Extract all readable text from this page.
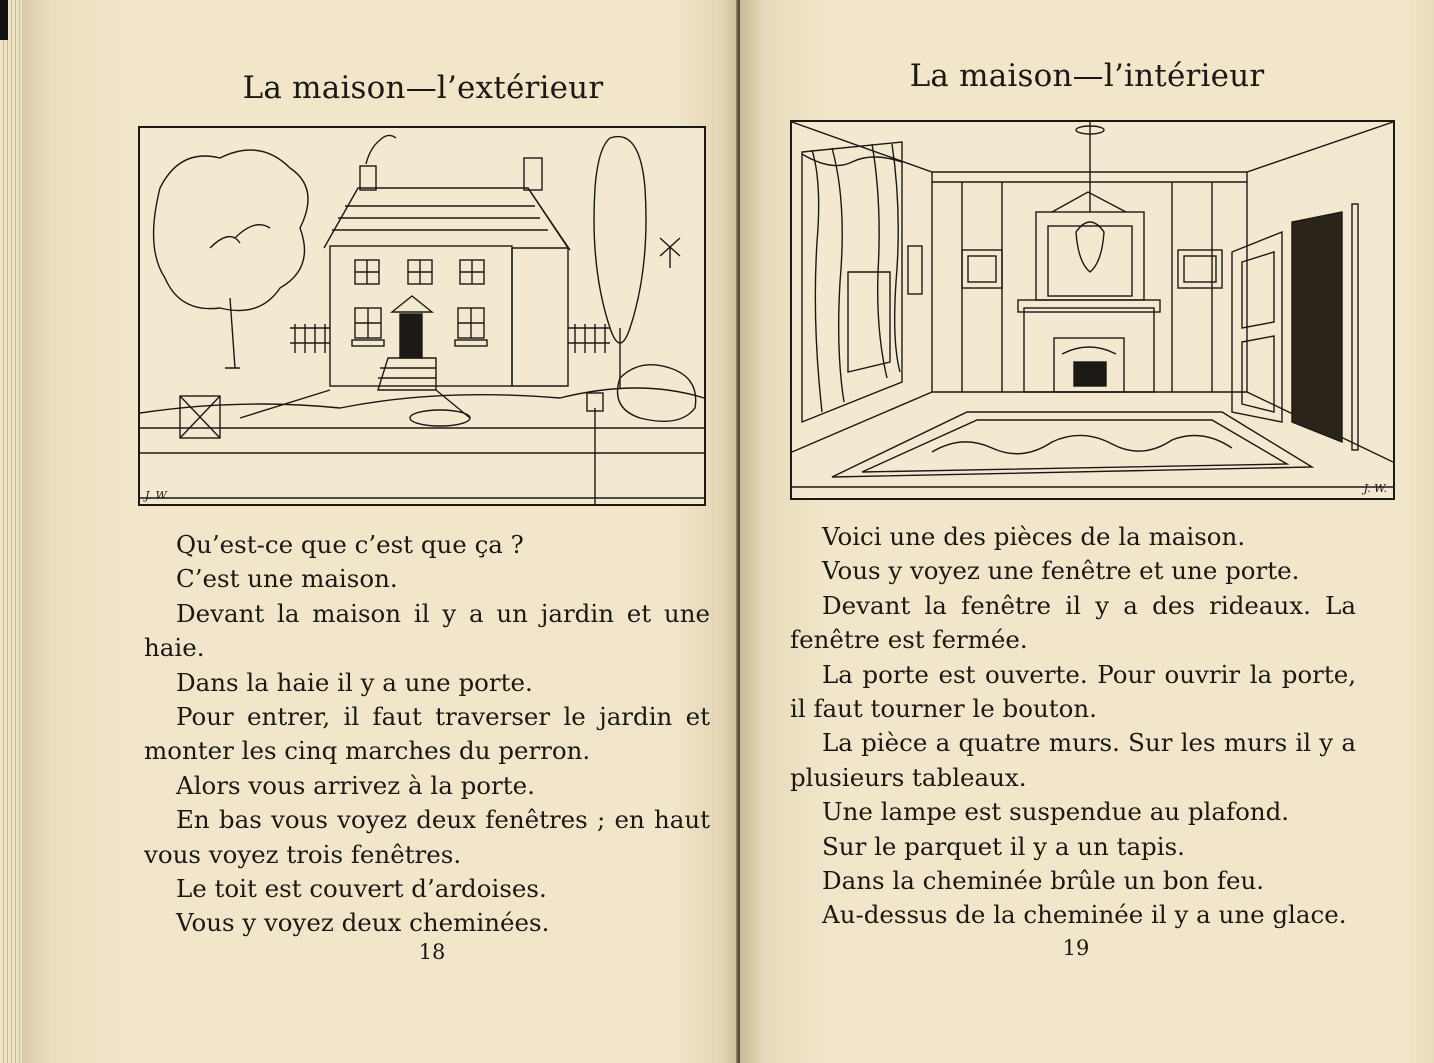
La maison—l’extérieur
J. W.

Qu’est-ce que c’est que ça ?

C’est une maison.

Devant la maison il y a un jardin et une haie.

Dans la haie il y a une porte.

Pour entrer, il faut traverser le jardin et monter les cinq marches du perron.

Alors vous arrivez à la porte.

En bas vous voyez deux fenêtres ; en haut vous voyez trois fenêtres.

Le toit est couvert d’ardoises.

Vous y voyez deux cheminées.

18
La maison—l’intérieur
J. W.

Voici une des pièces de la maison.

Vous y voyez une fenêtre et une porte.

Devant la fenêtre il y a des rideaux. La fenêtre est fermée.

La porte est ouverte. Pour ouvrir la porte, il faut tourner le bouton.

La pièce a quatre murs. Sur les murs il y a plusieurs tableaux.

Une lampe est suspendue au plafond.

Sur le parquet il y a un tapis.

Dans la cheminée brûle un bon feu.

Au-dessus de la cheminée il y a une glace.

19
